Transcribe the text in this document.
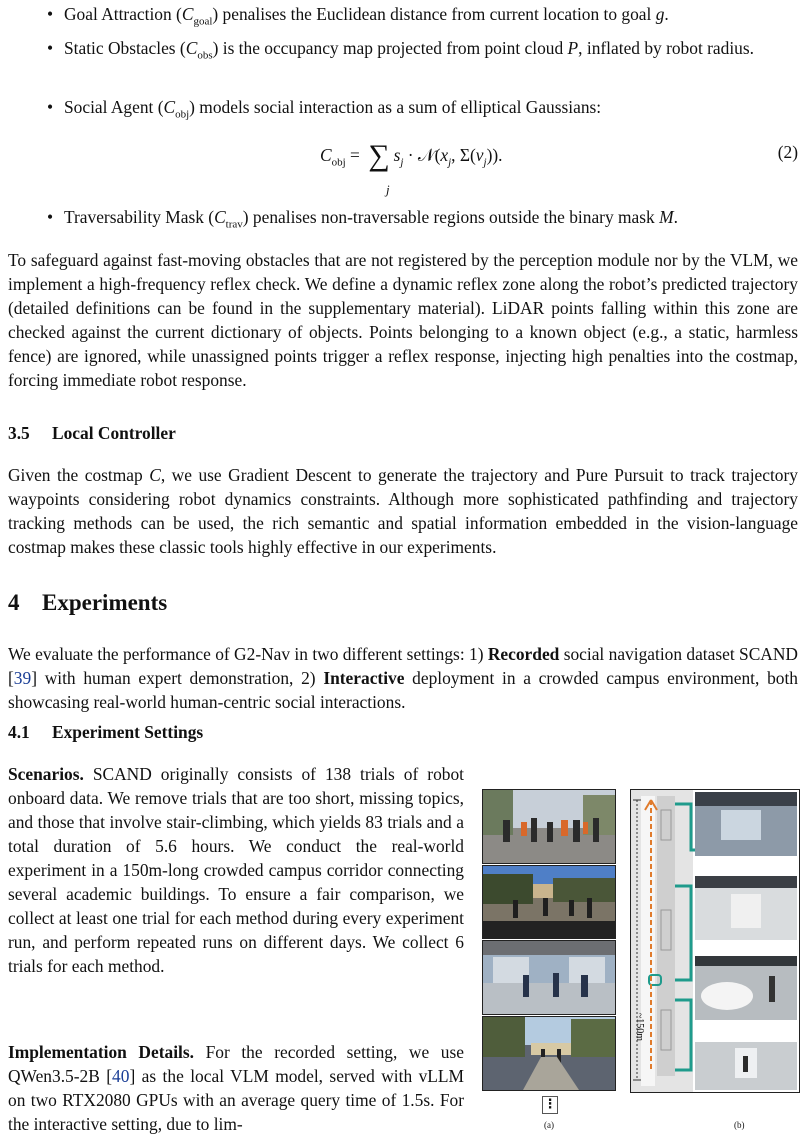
• Goal Attraction $(C_{goal})$ penalises the Euclidean distance from current location to goal g.
• Static Obstacles $(C_{obs})$ is the occupancy map projected from point cloud P, inflated by robot radius.
• Social Agent $(C_{obj})$ models social interaction as a sum of elliptical Gaussians:
$C_{obj}$ = ∑ $s_j$ · $𝒩(x_j$, $\Sigma(v_j)$).
j
(2)
• Traversability Mask $(C_{trav})$ penalises non-traversable regions outside the binary mask M.
To safeguard against fast-moving obstacles that are not registered by the perception module nor by the VLM, we implement a high-frequency reflex check. We define a dynamic reflex zone along the robot’s predicted trajectory (detailed definitions can be found in the supplementary material). LiDAR points falling within this zone are checked against the current dictionary of objects. Points belonging to a known object (e.g., a static, harmless fence) are ignored, while unassigned points trigger a reflex response, injecting high penalties into the costmap, forcing immediate robot response.
3.5 Local Controller
Given the costmap C, we use Gradient Descent to generate the trajectory and Pure Pursuit to track trajectory waypoints considering robot dynamics constraints. Although more sophisticated pathfinding and trajectory tracking methods can be used, the rich semantic and spatial information embedded in the vision-language costmap makes these classic tools highly effective in our experiments.
4 Experiments
We evaluate the performance of G2-Nav in two different settings: 1) Recorded social navigation dataset SCAND [39] with human expert demonstration, 2) Interactive deployment in a crowded campus environment, both showcasing real-world human-centric social interactions.
4.1 Experiment Settings
Scenarios. SCAND originally consists of 138 trials of robot onboard data. We remove trials that are too short, missing topics, and those that involve stair-climbing, which yields 83 trials and a total duration of 5.6 hours. We conduct the real-world experiment in a 150m-long crowded campus corridor connecting several academic buildings. To ensure a fair comparison, we collect at least one trial for each method during every experiment run, and perform repeated runs on different days. We collect 6 trials for each method.
Implementation Details. For the recorded setting, we use QWen3.5-2B [40] as the local VLM model, served with vLLM on two RTX2080 GPUs with an average query time of 1.5s. For the interactive setting, due to lim-
⋮
(a)
~150m
(b)
